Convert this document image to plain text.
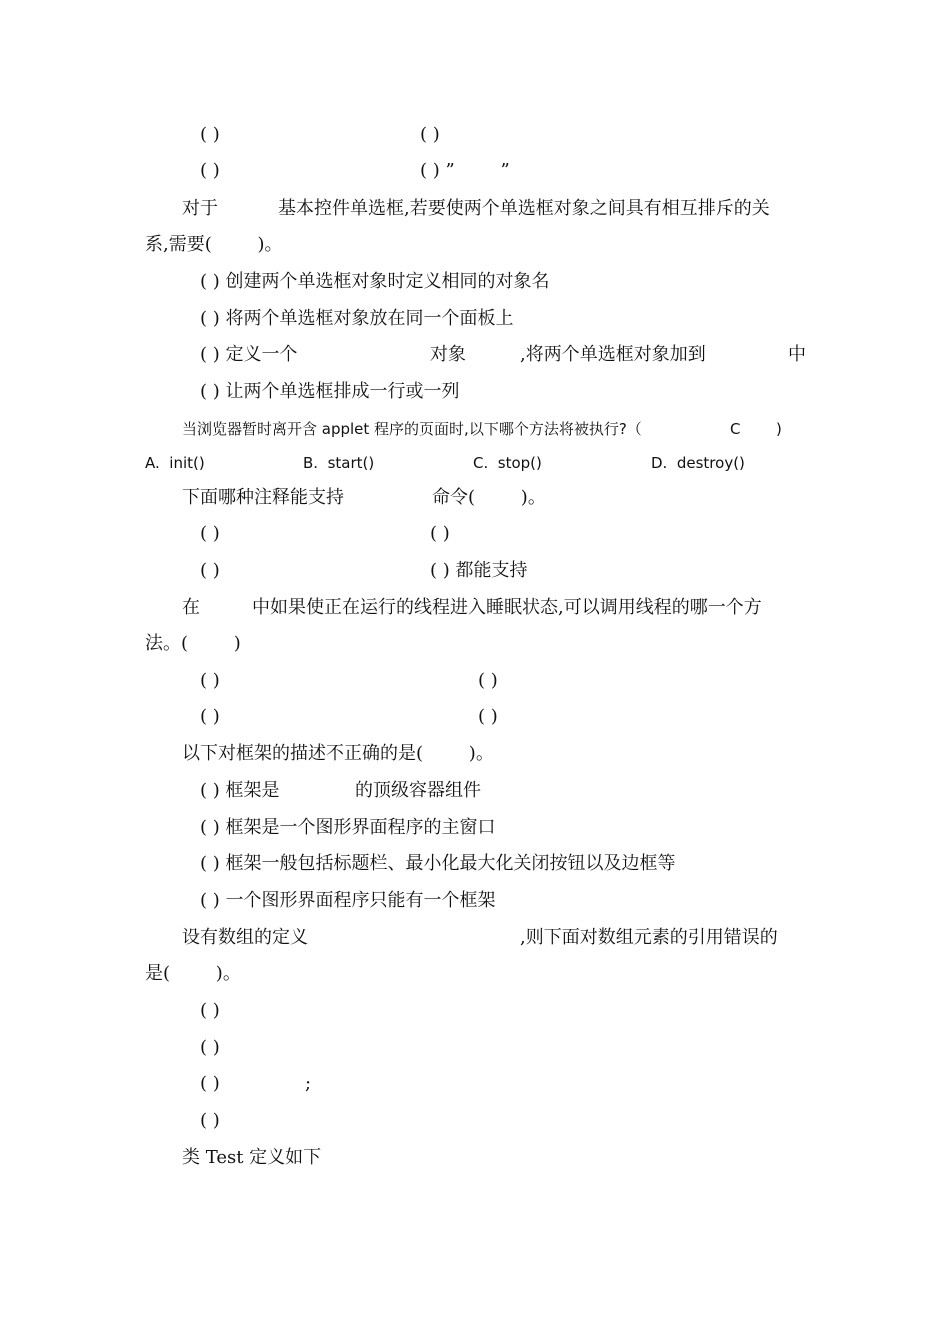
( )	( )
( )	( ) ”        ”
对于	基本控件单选框,若要使两个单选框对象之间具有相互排斥的关
系,需要(        )。
( ) 创建两个单选框对象时定义相同的对象名
( ) 将两个单选框对象放在同一个面板上
( ) 定义一个	对象	,将两个单选框对象加到	中
( ) 让两个单选框排成一行或一列
当浏览器暂时离开含 applet 程序的页面时,以下哪个方法将被执行?（	C )
A.  init()	B.  start()	C.  stop()	D.  destroy()
下面哪种注释能支持	命令(        )。
( )	( )
( )	( ) 都能支持
在	中如果使正在运行的线程进入睡眠状态,可以调用线程的哪一个方
法。(        )
( )	( )
( )	( )
以下对框架的描述不正确的是(        )。
( ) 框架是	的顶级容器组件
( ) 框架是一个图形界面程序的主窗口
( ) 框架一般包括标题栏、最小化最大化关闭按钮以及边框等
( ) 一个图形界面程序只能有一个框架
设有数组的定义	,则下面对数组元素的引用错误的
是(        )。
( )
( )
( )	;
( )
类 Test 定义如下
